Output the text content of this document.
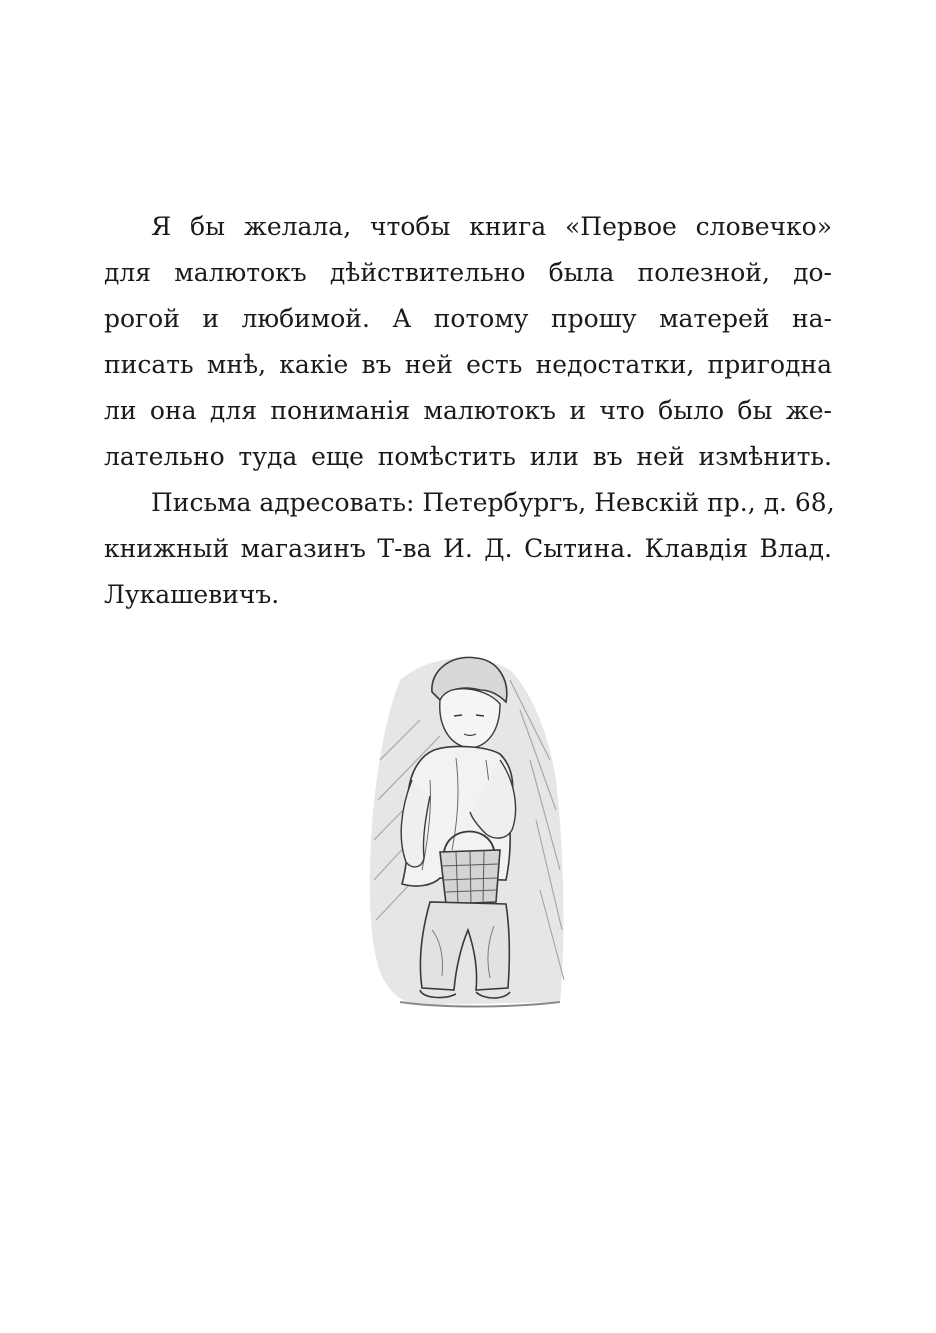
Я бы желала, чтобы книга «Первое словечко»
для малютокъ дѣйствительно была полезной, до-
рогой и любимой. А потому прошу матерей на-
писать мнѣ, какiе въ ней есть недостатки, пригодна
ли она для пониманiя малютокъ и что было бы же-
лательно туда еще помѣстить или въ ней измѣнить.
Письма адресовать: Петербургъ, Невскiй пр., д. 68,
книжный магазинъ Т-ва И. Д. Сытина. Клавдiя Влад.
Лукашевичъ.
